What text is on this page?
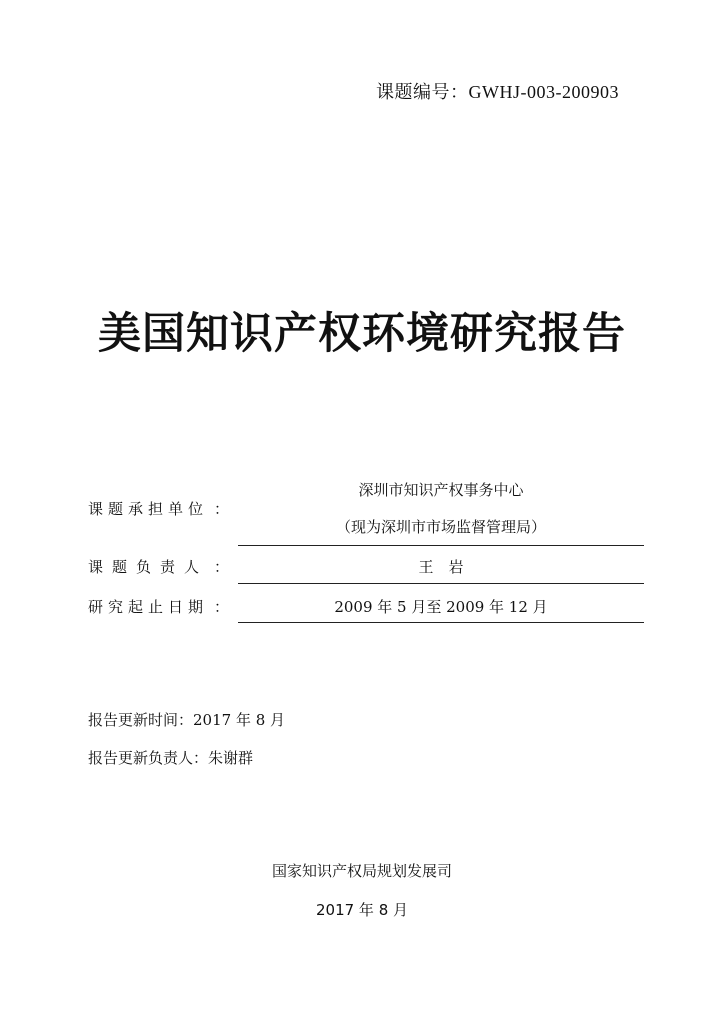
课题编号：GWHJ-003-200903
美国知识产权环境研究报告
课题承担单位 ：
深圳市知识产权事务中心
（现为深圳市市场监督管理局）
课题负责人 ：	王　岩
研究起止日期 ：	2009 年 5 月至 2009 年 12 月
报告更新时间：2017 年 8 月
报告更新负责人：朱谢群
国家知识产权局规划发展司
2017 年 8 月
